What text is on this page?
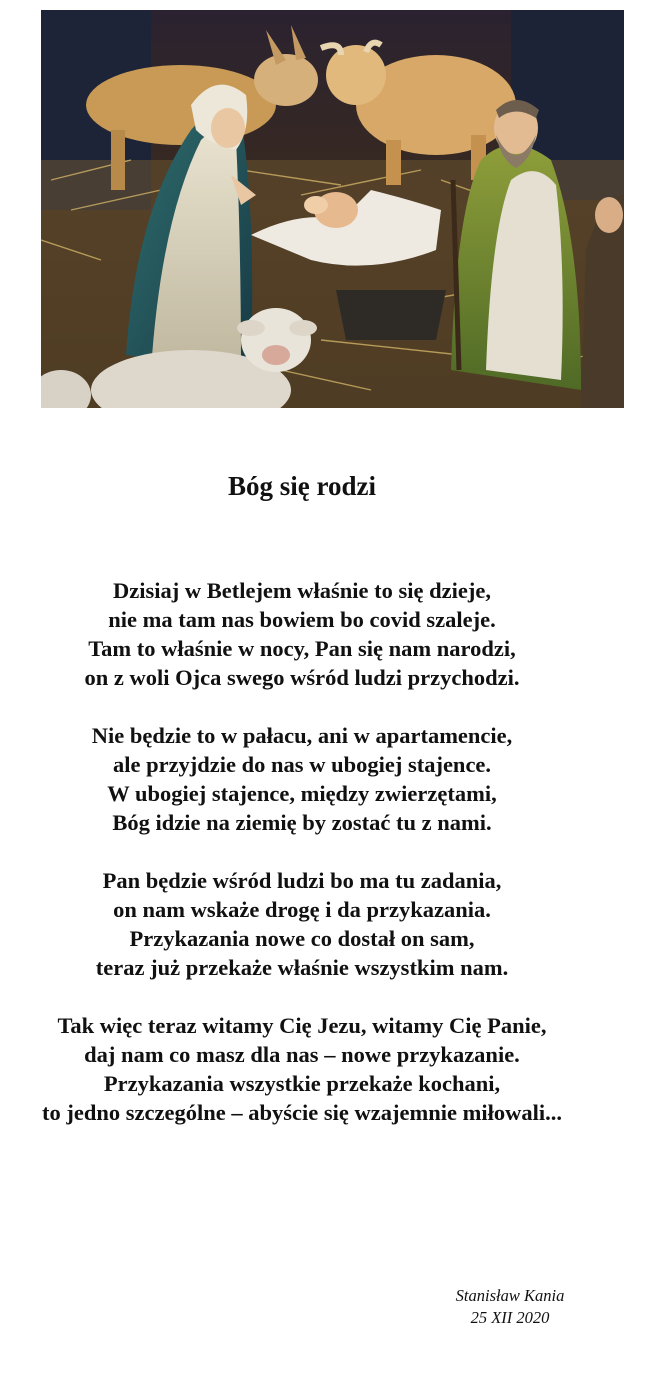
Bóg się rodzi
Dzisiaj w Betlejem właśnie to się dzieje,
nie ma tam nas bowiem bo covid szaleje.
Tam to właśnie w nocy, Pan się nam narodzi,
on z woli Ojca swego wśród ludzi przychodzi.
Nie będzie to w pałacu, ani w apartamencie,
ale przyjdzie do nas w ubogiej stajence.
W ubogiej stajence, między zwierzętami,
Bóg idzie na ziemię by zostać tu z nami.
Pan będzie wśród ludzi bo ma tu zadania,
on nam wskaże drogę i da przykazania.
Przykazania nowe co dostał on sam,
teraz już przekaże właśnie wszystkim nam.
Tak więc teraz witamy Cię Jezu, witamy Cię Panie,
daj nam co masz dla nas – nowe przykazanie.
Przykazania wszystkie przekaże kochani,
to jedno szczególne – abyście się wzajemnie miłowali...
Stanisław Kania
25 XII 2020
